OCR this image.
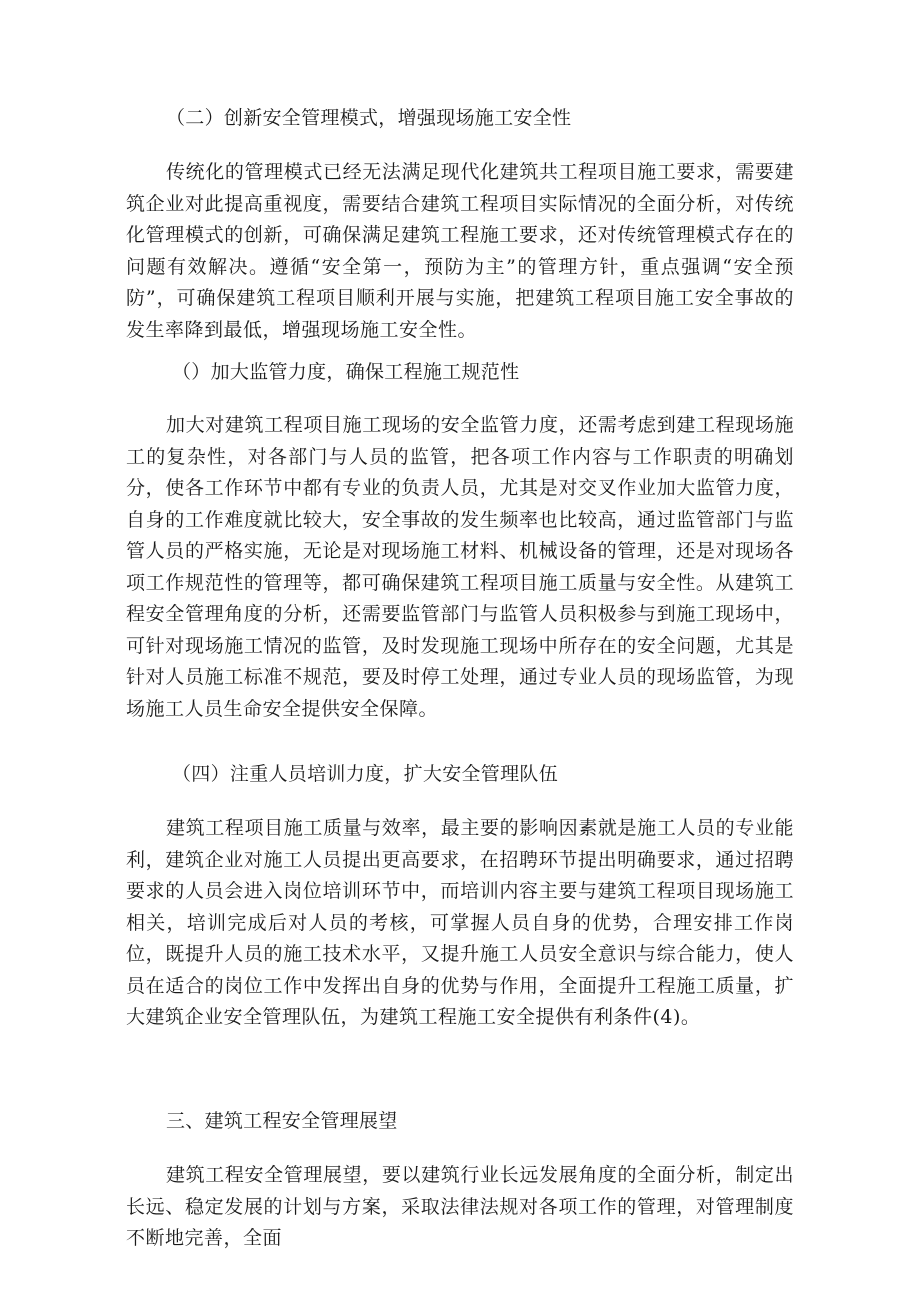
（二）创新安全管理模式，增强现场施工安全性
传统化的管理模式已经无法满足现代化建筑共工程项目施工要求，需要建筑企业对此提高重视度，需要结合建筑工程项目实际情况的全面分析，对传统化管理模式的创新，可确保满足建筑工程施工要求，还对传统管理模式存在的问题有效解决。遵循“安全第一，预防为主”的管理方针，重点强调“安全预防”，可确保建筑工程项目顺利开展与实施，把建筑工程项目施工安全事故的发生率降到最低，增强现场施工安全性。
（）加大监管力度，确保工程施工规范性
加大对建筑工程项目施工现场的安全监管力度，还需考虑到建工程现场施工的复杂性，对各部门与人员的监管，把各项工作内容与工作职责的明确划分，使各工作环节中都有专业的负责人员，尤其是对交叉作业加大监管力度，自身的工作难度就比较大，安全事故的发生频率也比较高，通过监管部门与监管人员的严格实施，无论是对现场施工材料、机械设备的管理，还是对现场各项工作规范性的管理等，都可确保建筑工程项目施工质量与安全性。从建筑工程安全管理角度的分析，还需要监管部门与监管人员积极参与到施工现场中，可针对现场施工情况的监管，及时发现施工现场中所存在的安全问题，尤其是针对人员施工标准不规范，要及时停工处理，通过专业人员的现场监管，为现场施工人员生命安全提供安全保障。
（四）注重人员培训力度，扩大安全管理队伍
建筑工程项目施工质量与效率，最主要的影响因素就是施工人员的专业能利，建筑企业对施工人员提出更高要求，在招聘环节提出明确要求，通过招聘要求的人员会进入岗位培训环节中，而培训内容主要与建筑工程项目现场施工相关，培训完成后对人员的考核，可掌握人员自身的优势，合理安排工作岗位，既提升人员的施工技术水平，又提升施工人员安全意识与综合能力，使人员在适合的岗位工作中发挥出自身的优势与作用，全面提升工程施工质量，扩大建筑企业安全管理队伍，为建筑工程施工安全提供有利条件(4)。
三、建筑工程安全管理展望
建筑工程安全管理展望，要以建筑行业长远发展角度的全面分析，制定出长远、稳定发展的计划与方案，采取法律法规对各项工作的管理，对管理制度不断地完善，全面
